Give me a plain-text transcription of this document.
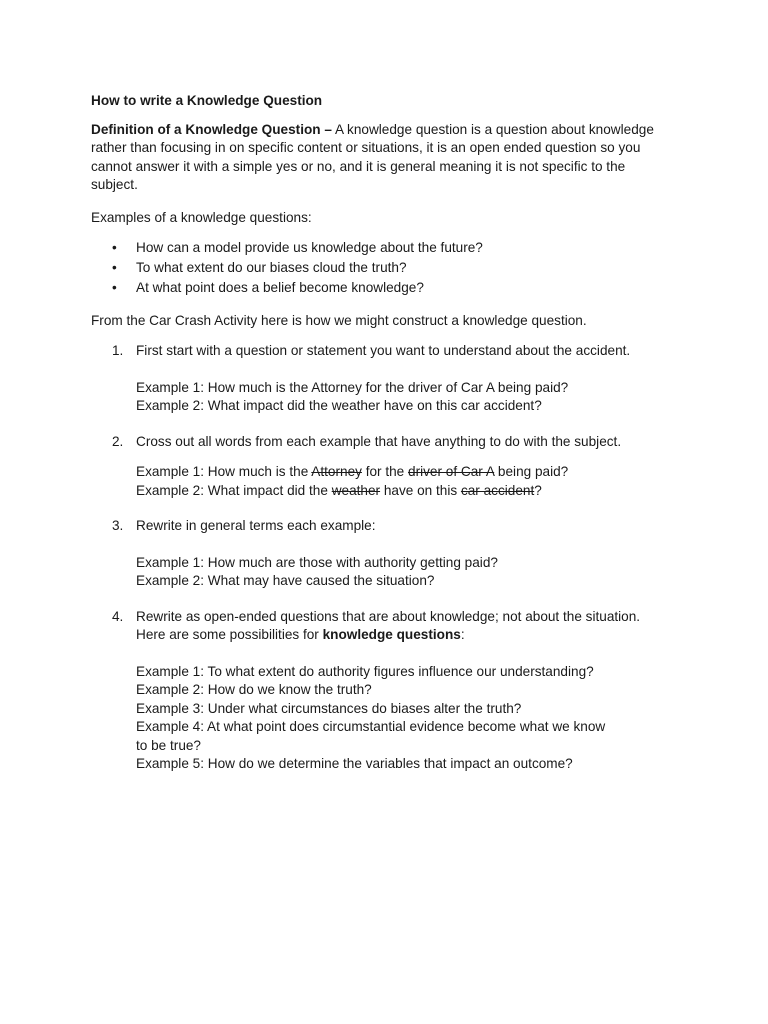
How to write a Knowledge Question

Definition of a Knowledge Question – A knowledge question is a question about knowledge rather than focusing in on specific content or situations, it is an open ended question so you cannot answer it with a simple yes or no, and it is general meaning it is not specific to the subject.

Examples of a knowledge questions:

• How can a model provide us knowledge about the future?
• To what extent do our biases cloud the truth?
• At what point does a belief become knowledge?

From the Car Crash Activity here is how we might construct a knowledge question.

1. First start with a question or statement you want to understand about the accident.
Example 1: How much is the Attorney for the driver of Car A being paid?
Example 2: What impact did the weather have on this car accident?
2. Cross out all words from each example that have anything to do with the subject.
Example 1: How much is the Attorney for the driver of Car A being paid?
Example 2: What impact did the weather have on this car accident?
3. Rewrite in general terms each example:
Example 1: How much are those with authority getting paid?
Example 2: What may have caused the situation?
4. Rewrite as open-ended questions that are about knowledge; not about the situation.
Here are some possibilities for knowledge questions:
Example 1: To what extent do authority figures influence our understanding?
Example 2: How do we know the truth?
Example 3: Under what circumstances do biases alter the truth?
Example 4: At what point does circumstantial evidence become what we know to be true?
Example 5: How do we determine the variables that impact an outcome?
